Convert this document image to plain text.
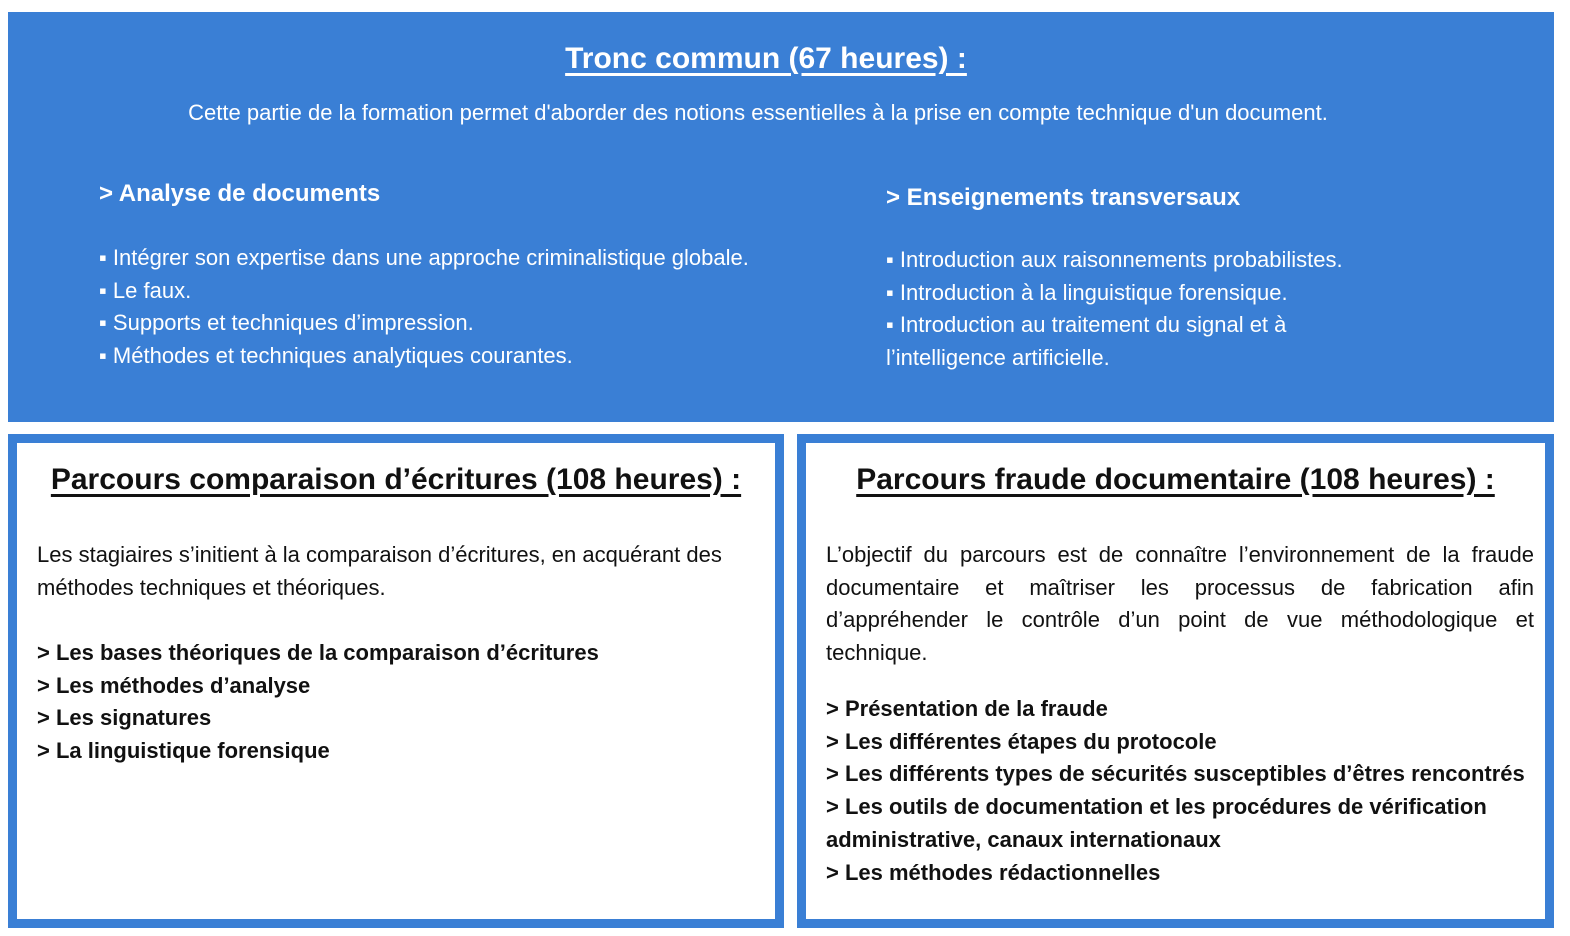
Tronc commun (67 heures) :

Cette partie de la formation permet d'aborder des notions essentielles à la prise en compte technique d'un document.

> Analyse de documents
▪ Intégrer son expertise dans une approche criminalistique globale.
▪ Le faux.
▪ Supports et techniques d’impression.
▪ Méthodes et techniques analytiques courantes.
> Enseignements transversaux
▪ Introduction aux raisonnements probabilistes.
▪ Introduction à la linguistique forensique.
▪ Introduction au traitement du signal et à
l’intelligence artificielle.
Parcours comparaison d’écritures (108 heures) :

Les stagiaires s’initient à la comparaison d’écritures, en acquérant des méthodes techniques et théoriques.

> Les bases théoriques de la comparaison d’écritures
> Les méthodes d’analyse
> Les signatures
> La linguistique forensique
Parcours fraude documentaire (108 heures) :

L’objectif du parcours est de connaître l’environnement de la fraude documentaire et maîtriser les processus de fabrication afin d’appréhender le contrôle d’un point de vue méthodologique et technique.

> Présentation de la fraude
> Les différentes étapes du protocole
> Les différents types de sécurités susceptibles d’êtres rencontrés
> Les outils de documentation et les procédures de vérification administrative, canaux internationaux
> Les méthodes rédactionnelles
